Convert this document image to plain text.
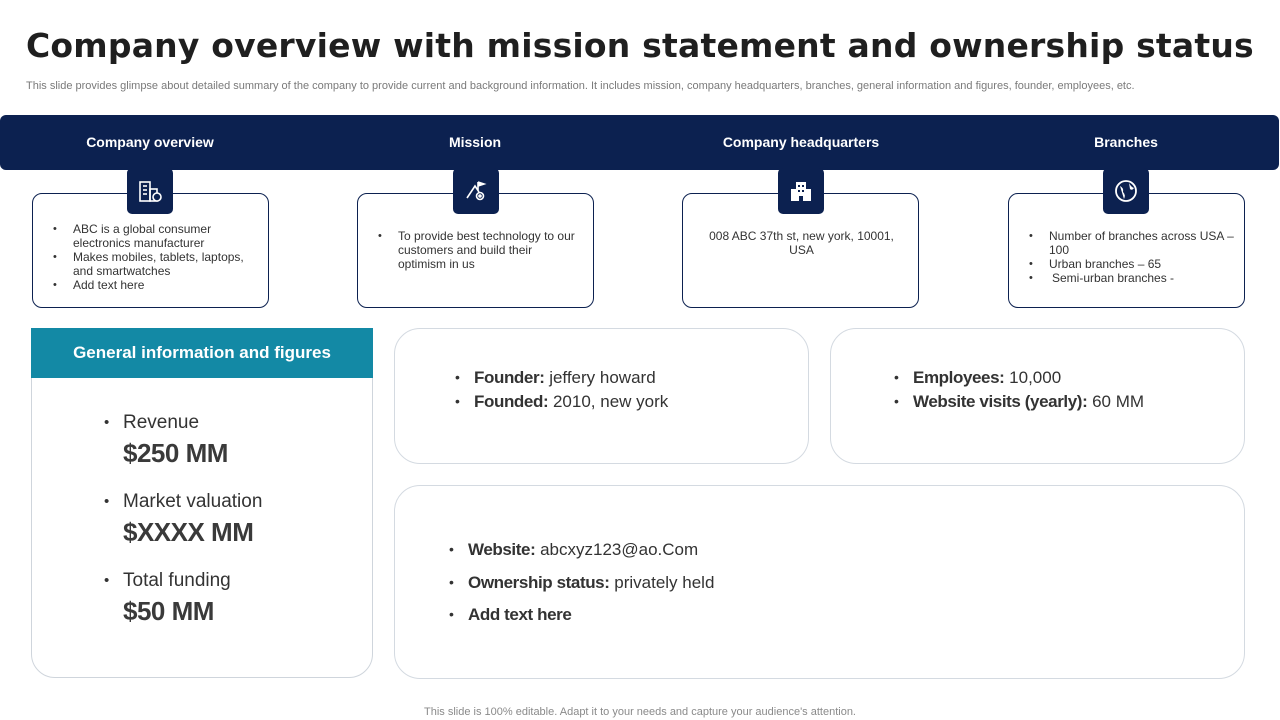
Company overview with mission statement and ownership status
This slide provides glimpse about detailed summary of the company to provide current and background information. It includes mission, company headquarters, branches, general information and figures, founder, employees, etc.
Company overview	Mission	Company headquarters	Branches
• ABC is a global consumer electronics manufacturer
• Makes mobiles, tablets, laptops, and smartwatches
• Add text here
• To provide best technology to our customers and build their optimism in us
008 ABC 37th st, new york, 10001, USA
• Number of branches across USA – 100
• Urban branches – 65
• Semi-urban branches -
General information and figures
• Revenue
$250 MM
• Market valuation
$XXXX MM
• Total funding
$50 MM
• Founder: jeffery howard
• Founded: 2010, new york
• Employees: 10,000
• Website visits (yearly): 60 MM
• Website: abcxyz123@ao.Com
• Ownership status: privately held
• Add text here
This slide is 100% editable. Adapt it to your needs and capture your audience's attention.
